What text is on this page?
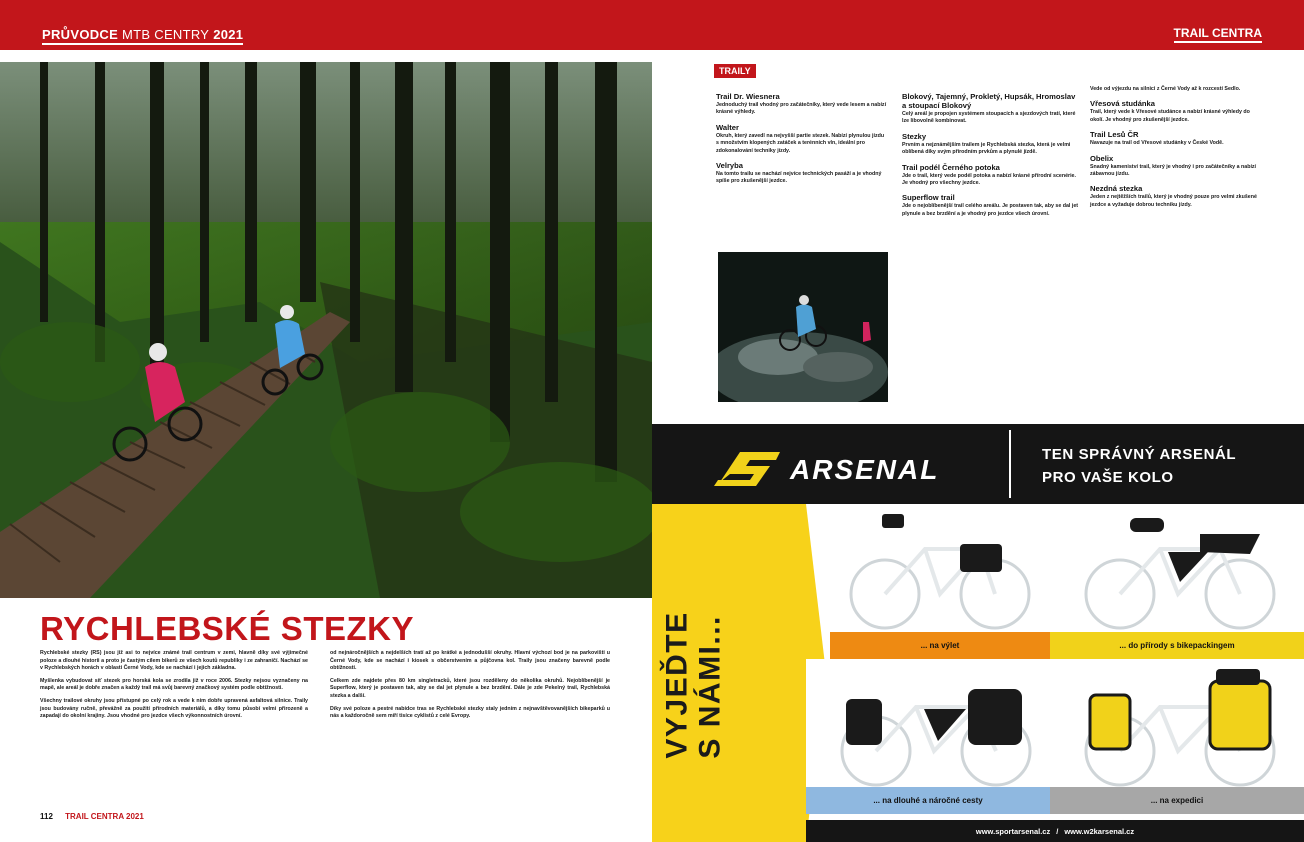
PRŮVODCE MTB CENTRY 2021	TRAIL CENTRA
RYCHLEBSKÉ STEZKY

Rychlebské stezky (RS) jsou již asi to nejvíce známé trail centrum v zemi, hlavně díky své výjimečné poloze a dlouhé historii a proto je častým cílem bikerů ze všech koutů republiky i ze zahraničí. Nachází se v Rychlebských horách v oblasti Černé Vody, kde se nachází i jejich základna.

Myšlenka vybudovat síť stezek pro horská kola se zrodila již v roce 2006. Stezky nejsou vyznačeny na mapě, ale areál je dobře značen a každý trail má svůj barevný značkový systém podle obtížnosti.

Všechny trailové okruhy jsou přístupné po celý rok a vede k nim dobře upravená asfaltová silnice. Traily jsou budovány ručně, převážně za použití přírodních materiálů, a díky tomu působí velmi přirozeně a zapadají do okolní krajiny. Jsou vhodné pro jezdce všech výkonnostních úrovní.

od nejnáročnějších a nejdelších tratí až po krátké a jednodušší okruhy. Hlavní výchozí bod je na parkovišti u Černé Vody, kde se nachází i kiosek s občerstvením a půjčovna kol. Traily jsou značeny barevně podle obtížnosti.

Celkem zde najdete přes 80 km singletracků, které jsou rozděleny do několika okruhů. Nejoblíbenější je Superflow, který je postaven tak, aby se dal jet plynule a bez brzdění. Dále je zde Pekelný trail, Rychlebská stezka a další.

Díky své poloze a pestré nabídce tras se Rychlebské stezky staly jedním z nejnavštěvovanějších bikeparků u nás a každoročně sem míří tisíce cyklistů z celé Evropy.

112 TRAIL CENTRA 2021
TRAILY
Trail Dr. Wiesnera

Jednoduchý trail vhodný pro začátečníky, který vede lesem a nabízí krásné výhledy.

Walter

Okruh, který zavedl na nejvyšší partie stezek. Nabízí plynulou jízdu s množstvím klopených zatáček a terénních vln, ideální pro zdokonalování techniky jízdy.

Velryba

Na tomto trailu se nachází nejvíce technických pasáží a je vhodný spíše pro zkušenější jezdce.

Blokový, Tajemný, Prokletý, Hupsák, Hromoslav a stoupací Blokový

Celý areál je propojen systémem stoupacích a sjezdových tratí, které lze libovolně kombinovat.

Stezky

Prvním a nejznámějším trailem je Rychlebská stezka, která je velmi oblíbená díky svým přírodním prvkům a plynulé jízdě.

Trail podél Černého potoka

Jde o trail, který vede podél potoka a nabízí krásné přírodní scenérie. Je vhodný pro všechny jezdce.

Superflow trail

Jde o nejoblíbenější trail celého areálu. Je postaven tak, aby se dal jet plynule a bez brzdění a je vhodný pro jezdce všech úrovní.

Vede od výjezdu na silnici z Černé Vody až k rozcestí Sedlo.

Vřesová studánka

Trail, který vede k Vřesové studánce a nabízí krásné výhledy do okolí. Je vhodný pro zkušenější jezdce.

Trail Lesů ČR

Navazuje na trail od Vřesové studánky v České Vodě.

Obelix

Snadný kameniství trail, který je vhodný i pro začátečníky a nabízí zábavnou jízdu.

Nezdná stezka

Jeden z nejtěžších trailů, který je vhodný pouze pro velmi zkušené jezdce a vyžaduje dobrou techniku jízdy.

ARSENAL	TEN SPRÁVNÝ ARSENÁL
PRO VAŠE KOLO
VYJEĎTE
S NÁMI...	... na výlet	... do přírody s bikepackingem
... na dlouhé a náročné cesty	... na expedici
www.sportarsenal.cz / www.w2karsenal.cz
